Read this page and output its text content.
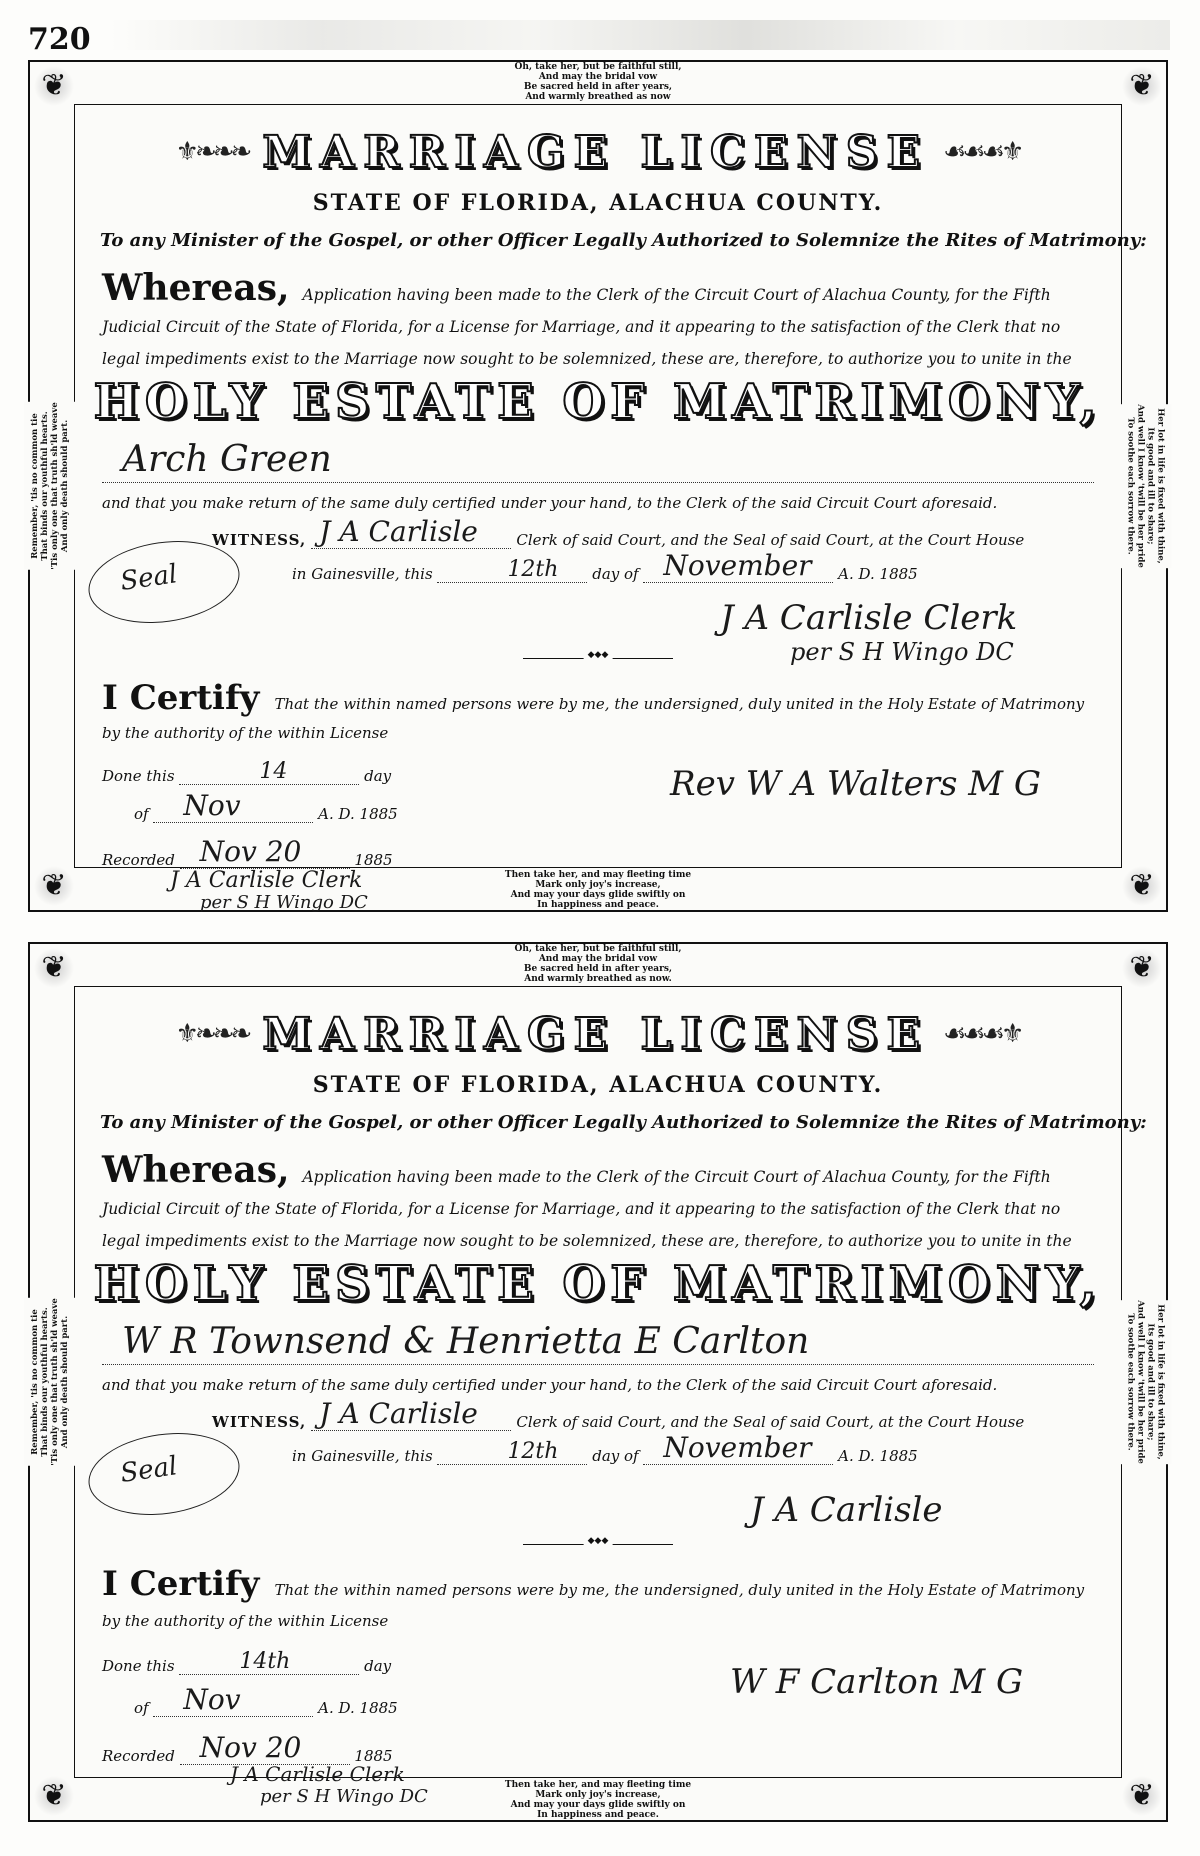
720
❦	❦
❦	❦
Oh, take her, but be faithful still,
And may the bridal vow
Be sacred held in after years,
And warmly breathed as now
Then take her, and may fleeting time
Mark only joy's increase,
And may your days glide swiftly on
In happiness and peace.
Remember, 'tis no common tie That binds our youthful hearts. 'Tis only one that truth sh'ld weave And only death should part.	Her lot in life is fixed with thine,
Its good and ill to share;
And well I know 'twill be her pride
To soothe each sorrow there.
⚜❧❧❧ MARRIAGE LICENSE ☙☙☙⚜
STATE OF FLORIDA, ALACHUA COUNTY.
To any Minister of the Gospel, or other Officer Legally Authorized to Solemnize the Rites of Matrimony:
Whereas, Application having been made to the Clerk of the Circuit Court of Alachua County, for the Fifth Judicial Circuit of the State of Florida, for a License for Marriage, and it appearing to the satisfaction of the Clerk that no legal impediments exist to the Marriage now sought to be solemnized, these are, therefore, to authorize you to unite in the
HOLY ESTATE OF MATRIMONY,
Arch Green
and that you make return of the same duly certified under your hand, to the Clerk of the said Circuit Court aforesaid.
WITNESS, J A Carlisle	Clerk of said Court, and the Seal of said Court, at the Court House
in Gainesville, this	12th day of November A. D. 1885
Seal
J A Carlisle Clerk
per S H Wingo DC
◆◆◆
I Certify That the within named persons were by me, the undersigned, duly united in the Holy Estate of Matrimony
by the authority of the within License
Done this	14	day
of Nov	A. D. 1885
Rev W A Walters M G
Recorded Nov 20	1885
J A Carlisle Clerk
per S H Wingo DC
❦	❦
❦	❦
Oh, take her, but be faithful still,
And may the bridal vow
Be sacred held in after years,
And warmly breathed as now.
Then take her, and may fleeting time
Mark only joy's increase,
And may your days glide swiftly on
In happiness and peace.
Remember, 'tis no common tie That binds our youthful hearts. 'Tis only one that truth sh'ld weave And only death should part.	Her lot in life is fixed with thine,
Its good and ill to share;
And well I know 'twill be her pride
To soothe each sorrow there.
⚜❧❧❧ MARRIAGE LICENSE ☙☙☙⚜
STATE OF FLORIDA, ALACHUA COUNTY.
To any Minister of the Gospel, or other Officer Legally Authorized to Solemnize the Rites of Matrimony:
Whereas, Application having been made to the Clerk of the Circuit Court of Alachua County, for the Fifth Judicial Circuit of the State of Florida, for a License for Marriage, and it appearing to the satisfaction of the Clerk that no legal impediments exist to the Marriage now sought to be solemnized, these are, therefore, to authorize you to unite in the
HOLY ESTATE OF MATRIMONY,
W R Townsend & Henrietta E Carlton
and that you make return of the same duly certified under your hand, to the Clerk of the said Circuit Court aforesaid.
WITNESS, J A Carlisle	Clerk of said Court, and the Seal of said Court, at the Court House
in Gainesville, this	12th day of November A. D. 1885
Seal
J A Carlisle
◆◆◆
I Certify That the within named persons were by me, the undersigned, duly united in the Holy Estate of Matrimony
by the authority of the within License
Done this	14th	day
of Nov	A. D. 1885
W F Carlton M G
Recorded Nov 20	1885
J A Carlisle Clerk
per S H Wingo DC
